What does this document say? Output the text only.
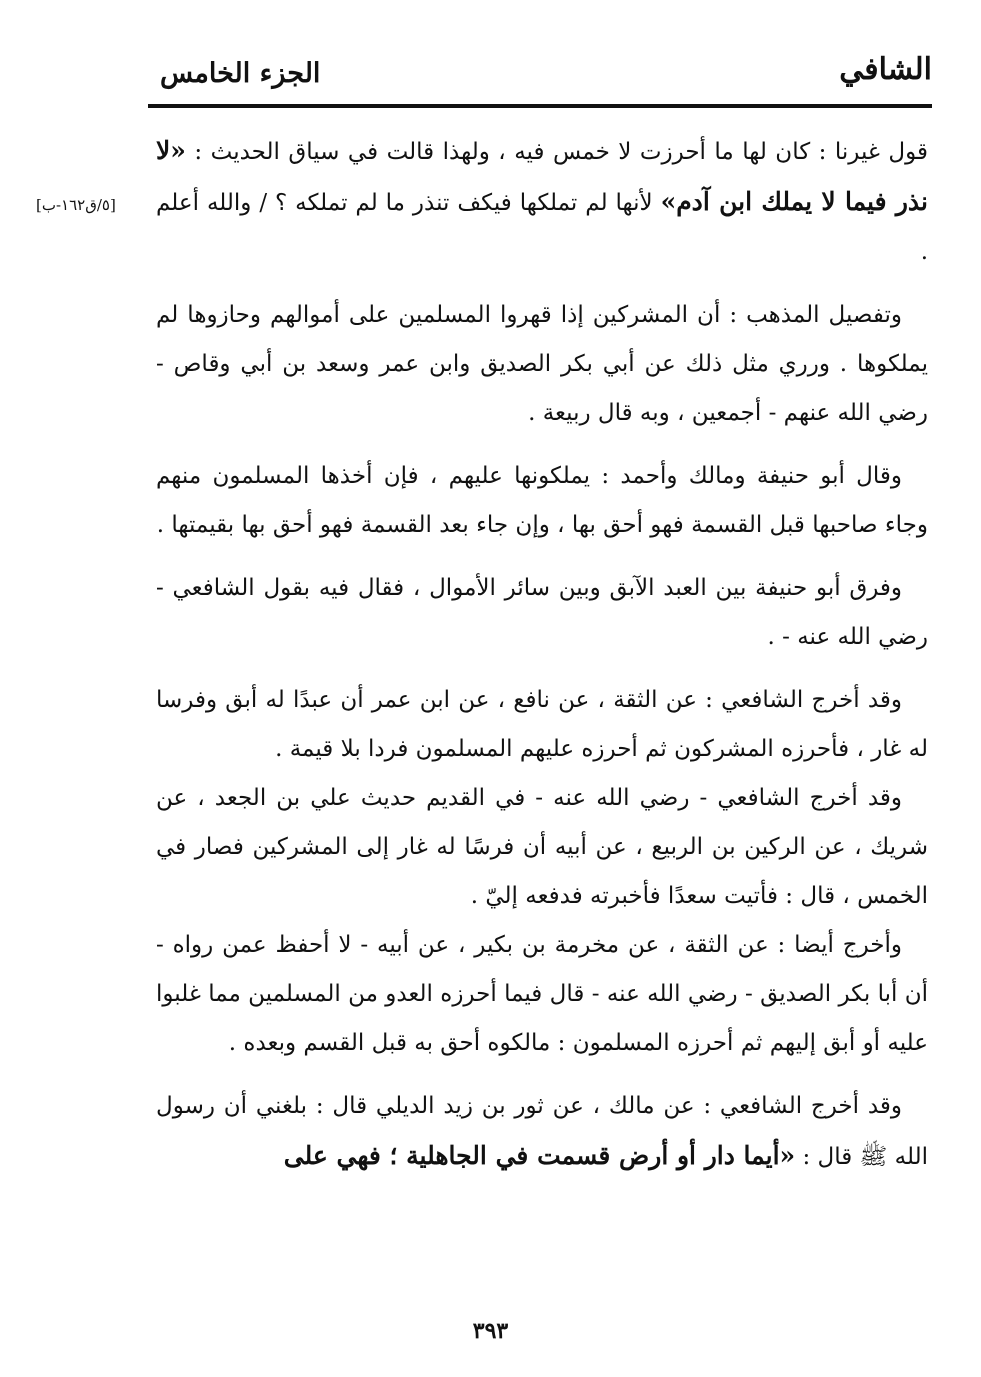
الشافي
الجزء الخامس
[٥/ق١٦٢-ب]

قول غيرنا : كان لها ما أحرزت لا خمس فيه ، ولهذا قالت في سياق الحديث : «لا نذر فيما لا يملك ابن آدم» لأنها لم تملكها فيكف تنذر ما لم تملكه ؟ / والله أعلم .

وتفصيل المذهب : أن المشركين إذا قهروا المسلمين على أموالهم وحازوها لم يملكوها . ورري مثل ذلك عن أبي بكر الصديق وابن عمر وسعد بن أبي وقاص - رضي الله عنهم - أجمعين ، وبه قال ربيعة .

وقال أبو حنيفة ومالك وأحمد : يملكونها عليهم ، فإن أخذها المسلمون منهم وجاء صاحبها قبل القسمة فهو أحق بها ، وإن جاء بعد القسمة فهو أحق بها بقيمتها .

وفرق أبو حنيفة بين العبد الآبق وبين سائر الأموال ، فقال فيه بقول الشافعي - رضي الله عنه - .

وقد أخرج الشافعي : عن الثقة ، عن نافع ، عن ابن عمر أن عبدًا له أبق وفرسا له غار ، فأحرزه المشركون ثم أحرزه عليهم المسلمون فردا بلا قيمة .

وقد أخرج الشافعي - رضي الله عنه - في القديم حديث علي بن الجعد ، عن شريك ، عن الركين بن الربيع ، عن أبيه أن فرسًا له غار إلى المشركين فصار في الخمس ، قال : فأتيت سعدًا فأخبرته فدفعه إليّ .

وأخرج أيضا : عن الثقة ، عن مخرمة بن بكير ، عن أبيه - لا أحفظ عمن رواه - أن أبا بكر الصديق - رضي الله عنه - قال فيما أحرزه العدو من المسلمين مما غلبوا عليه أو أبق إليهم ثم أحرزه المسلمون : مالكوه أحق به قبل القسم وبعده .

وقد أخرج الشافعي : عن مالك ، عن ثور بن زيد الديلي قال : بلغني أن رسول الله ﷺ قال : «أيما دار أو أرض قسمت في الجاهلية ؛ فهي على

٣٩٣
